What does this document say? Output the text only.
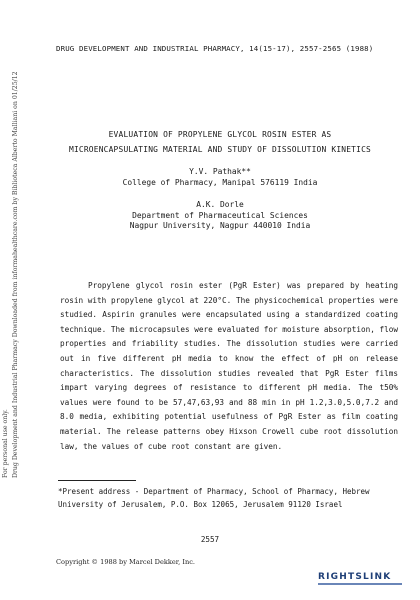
Drug Development and Industrial Pharmacy Downloaded from informahealthcare.com by Biblioteca Alberto Malliani on 01/25/12
For personal use only.
DRUG DEVELOPMENT AND INDUSTRIAL PHARMACY, 14(15-17), 2557-2565 (1988)
EVALUATION OF PROPYLENE GLYCOL ROSIN ESTER AS
MICROENCAPSULATING MATERIAL AND STUDY OF DISSOLUTION KINETICS
Y.V. Pathak**
College of Pharmacy, Manipal 576119 India
A.K. Dorle
Department of Pharmaceutical Sciences
Nagpur University, Nagpur 440010 India
Propylene glycol rosin ester (PgR Ester) was prepared by heating rosin with propylene glycol at 220°C. The physicochemical properties were studied. Aspirin granules were encapsulated using a standardized coating technique. The microcapsules were evaluated for moisture absorption, flow properties and friability studies. The dissolution studies were carried out in five different pH media to know the effect of pH on release characteristics. The dissolution studies revealed that PgR Ester films impart varying degrees of resistance to different pH media. The t50% values were found to be 57,47,63,93 and 88 min in pH 1.2,3.0,5.0,7.2 and 8.0 media, exhibiting potential usefulness of PgR Ester as film coating material. The release patterns obey Hixson Crowell cube root dissolution law, the values of cube root constant are given.
*Present address - Department of Pharmacy, School of Pharmacy, Hebrew University of Jerusalem, P.O. Box 12065, Jerusalem 91120 Israel
2557
Copyright © 1988 by Marcel Dekker, Inc.
RIGHTSLINK
